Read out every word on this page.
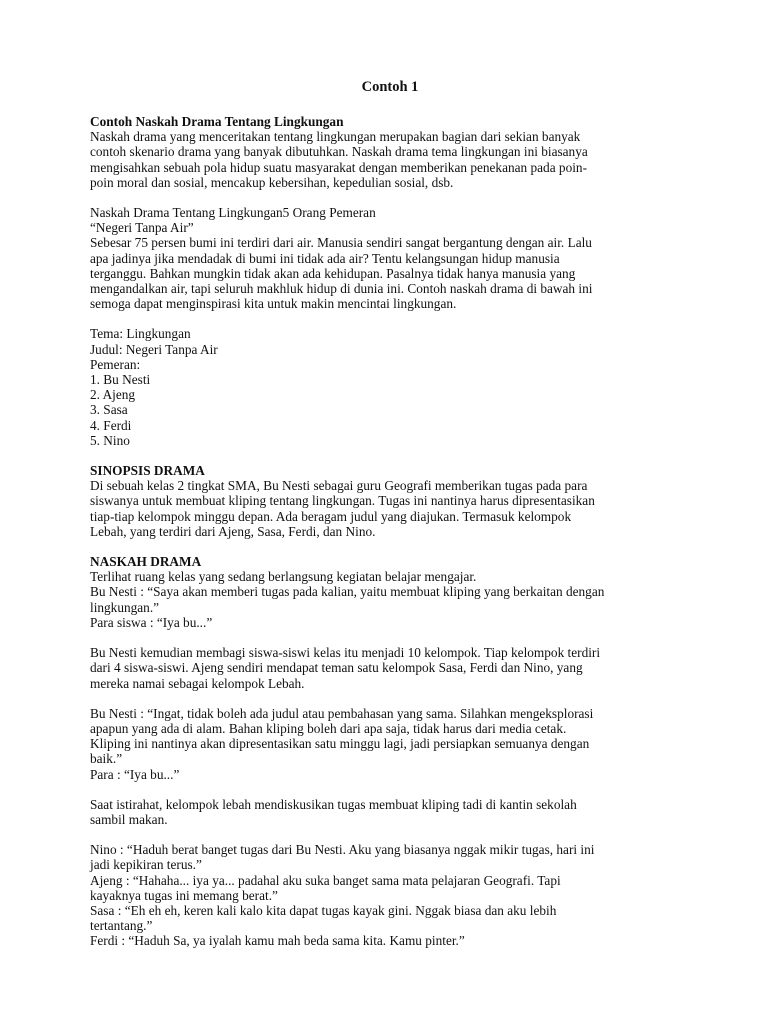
Contoh 1

Contoh Naskah Drama Tentang Lingkungan

Naskah drama yang menceritakan tentang lingkungan merupakan bagian dari sekian banyak

contoh skenario drama yang banyak dibutuhkan. Naskah drama tema lingkungan ini biasanya

mengisahkan sebuah pola hidup suatu masyarakat dengan memberikan penekanan pada poin-

poin moral dan sosial, mencakup kebersihan, kepedulian sosial, dsb.

Naskah Drama Tentang Lingkungan5 Orang Pemeran

“Negeri Tanpa Air”

Sebesar 75 persen bumi ini terdiri dari air. Manusia sendiri sangat bergantung dengan air. Lalu

apa jadinya jika mendadak di bumi ini tidak ada air? Tentu kelangsungan hidup manusia

terganggu. Bahkan mungkin tidak akan ada kehidupan. Pasalnya tidak hanya manusia yang

mengandalkan air, tapi seluruh makhluk hidup di dunia ini. Contoh naskah drama di bawah ini

semoga dapat menginspirasi kita untuk makin mencintai lingkungan.

Tema: Lingkungan

Judul: Negeri Tanpa Air

Pemeran:

1. Bu Nesti
2. Ajeng
3. Sasa
4. Ferdi
5. Nino

SINOPSIS DRAMA

Di sebuah kelas 2 tingkat SMA, Bu Nesti sebagai guru Geografi memberikan tugas pada para

siswanya untuk membuat kliping tentang lingkungan. Tugas ini nantinya harus dipresentasikan

tiap-tiap kelompok minggu depan. Ada beragam judul yang diajukan. Termasuk kelompok

Lebah, yang terdiri dari Ajeng, Sasa, Ferdi, dan Nino.

NASKAH DRAMA

Terlihat ruang kelas yang sedang berlangsung kegiatan belajar mengajar.

Bu Nesti : “Saya akan memberi tugas pada kalian, yaitu membuat kliping yang berkaitan dengan

lingkungan.”

Para siswa : “Iya bu...”

Bu Nesti kemudian membagi siswa-siswi kelas itu menjadi 10 kelompok. Tiap kelompok terdiri

dari 4 siswa-siswi. Ajeng sendiri mendapat teman satu kelompok Sasa, Ferdi dan Nino, yang

mereka namai sebagai kelompok Lebah.

Bu Nesti : “Ingat, tidak boleh ada judul atau pembahasan yang sama. Silahkan mengeksplorasi

apapun yang ada di alam. Bahan kliping boleh dari apa saja, tidak harus dari media cetak.

Kliping ini nantinya akan dipresentasikan satu minggu lagi, jadi persiapkan semuanya dengan

baik.”

Para : “Iya bu...”

Saat istirahat, kelompok lebah mendiskusikan tugas membuat kliping tadi di kantin sekolah

sambil makan.

Nino : “Haduh berat banget tugas dari Bu Nesti. Aku yang biasanya nggak mikir tugas, hari ini

jadi kepikiran terus.”

Ajeng : “Hahaha... iya ya... padahal aku suka banget sama mata pelajaran Geografi. Tapi

kayaknya tugas ini memang berat.”

Sasa : “Eh eh eh, keren kali kalo kita dapat tugas kayak gini. Nggak biasa dan aku lebih

tertantang.”

Ferdi : “Haduh Sa, ya iyalah kamu mah beda sama kita. Kamu pinter.”
